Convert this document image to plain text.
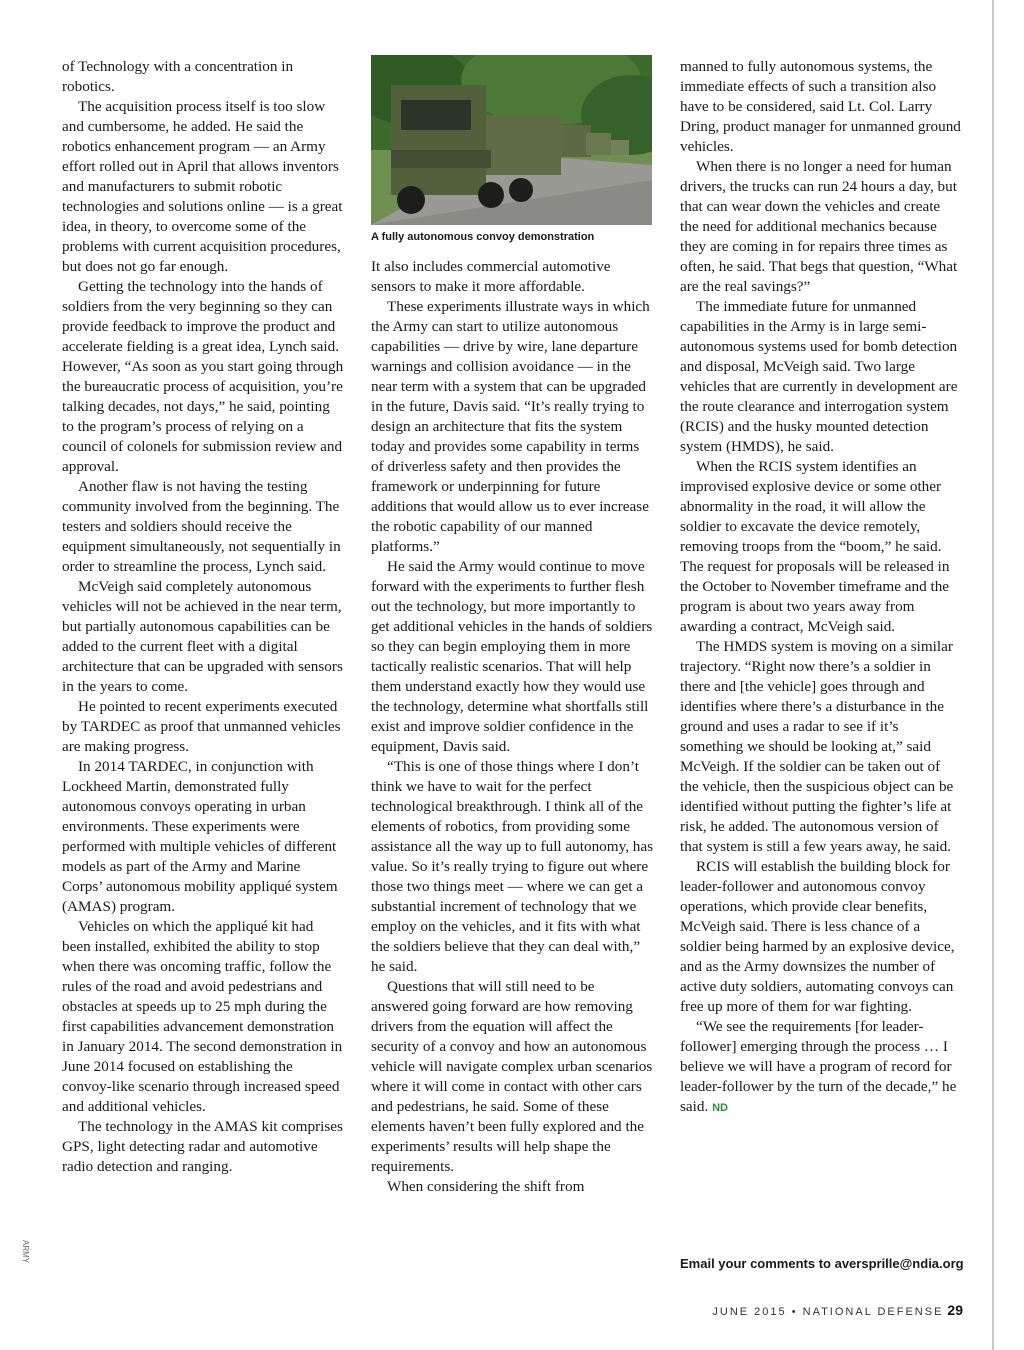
ARMY

of Technology with a concentration in robotics.

The acquisition process itself is too slow and cumbersome, he added. He said the robotics enhancement program — an Army effort rolled out in April that allows inventors and manufacturers to submit robotic technologies and solutions online — is a great idea, in theory, to overcome some of the problems with current acquisition procedures, but does not go far enough.

Getting the technology into the hands of soldiers from the very beginning so they can provide feedback to improve the product and accelerate fielding is a great idea, Lynch said. However, “As soon as you start going through the bureaucratic process of acquisition, you’re talking decades, not days,” he said, pointing to the program’s process of relying on a council of colonels for submission review and approval.

Another flaw is not having the testing community involved from the beginning. The testers and soldiers should receive the equipment simultaneously, not sequentially in order to streamline the process, Lynch said.

McVeigh said completely autonomous vehicles will not be achieved in the near term, but partially autonomous capabilities can be added to the current fleet with a digital architecture that can be upgraded with sensors in the years to come.

He pointed to recent experiments executed by TARDEC as proof that unmanned vehicles are making progress.

In 2014 TARDEC, in conjunction with Lockheed Martin, demonstrated fully autonomous convoys operating in urban environments. These experiments were performed with multiple vehicles of different models as part of the Army and Marine Corps’ autonomous mobility appliqué system (AMAS) program.

Vehicles on which the appliqué kit had been installed, exhibited the ability to stop when there was oncoming traffic, follow the rules of the road and avoid pedestrians and obstacles at speeds up to 25 mph during the first capabilities advancement demonstration in January 2014. The second demonstration in June 2014 focused on establishing the convoy-like scenario through increased speed and additional vehicles.

The technology in the AMAS kit comprises GPS, light detecting radar and automotive radio detection and ranging.

A fully autonomous convoy demonstration

It also includes commercial automotive sensors to make it more affordable.

These experiments illustrate ways in which the Army can start to utilize autonomous capabilities — drive by wire, lane departure warnings and collision avoidance — in the near term with a system that can be upgraded in the future, Davis said. “It’s really trying to design an architecture that fits the system today and provides some capability in terms of driverless safety and then provides the framework or underpinning for future additions that would allow us to ever increase the robotic capability of our manned platforms.”

He said the Army would continue to move forward with the experiments to further flesh out the technology, but more importantly to get additional vehicles in the hands of soldiers so they can begin employing them in more tactically realistic scenarios. That will help them understand exactly how they would use the technology, determine what shortfalls still exist and improve soldier confidence in the equipment, Davis said.

“This is one of those things where I don’t think we have to wait for the perfect technological breakthrough. I think all of the elements of robotics, from providing some assistance all the way up to full autonomy, has value. So it’s really trying to figure out where those two things meet — where we can get a substantial increment of technology that we employ on the vehicles, and it fits with what the soldiers believe that they can deal with,” he said.

Questions that will still need to be answered going forward are how removing drivers from the equation will affect the security of a convoy and how an autonomous vehicle will navigate complex urban scenarios where it will come in contact with other cars and pedestrians, he said. Some of these elements haven’t been fully explored and the experiments’ results will help shape the requirements.

When considering the shift from

manned to fully autonomous systems, the immediate effects of such a transition also have to be considered, said Lt. Col. Larry Dring, product manager for unmanned ground vehicles.

When there is no longer a need for human drivers, the trucks can run 24 hours a day, but that can wear down the vehicles and create the need for additional mechanics because they are coming in for repairs three times as often, he said. That begs that question, “What are the real savings?”

The immediate future for unmanned capabilities in the Army is in large semi-autonomous systems used for bomb detection and disposal, McVeigh said. Two large vehicles that are currently in development are the route clearance and interrogation system (RCIS) and the husky mounted detection system (HMDS), he said.

When the RCIS system identifies an improvised explosive device or some other abnormality in the road, it will allow the soldier to excavate the device remotely, removing troops from the “boom,” he said. The request for proposals will be released in the October to November timeframe and the program is about two years away from awarding a contract, McVeigh said.

The HMDS system is moving on a similar trajectory. “Right now there’s a soldier in there and [the vehicle] goes through and identifies where there’s a disturbance in the ground and uses a radar to see if it’s something we should be looking at,” said McVeigh. If the soldier can be taken out of the vehicle, then the suspicious object can be identified without putting the fighter’s life at risk, he added. The autonomous version of that system is still a few years away, he said.

RCIS will establish the building block for leader-follower and autonomous convoy operations, which provide clear benefits, McVeigh said. There is less chance of a soldier being harmed by an explosive device, and as the Army downsizes the number of active duty soldiers, automating convoys can free up more of them for war fighting.

“We see the requirements [for leader-follower] emerging through the process … I believe we will have a program of record for leader-follower by the turn of the decade,” he said. ND

Email your comments to aversprille@ndia.org
JUNE 2015 • NATIONAL DEFENSE 29
